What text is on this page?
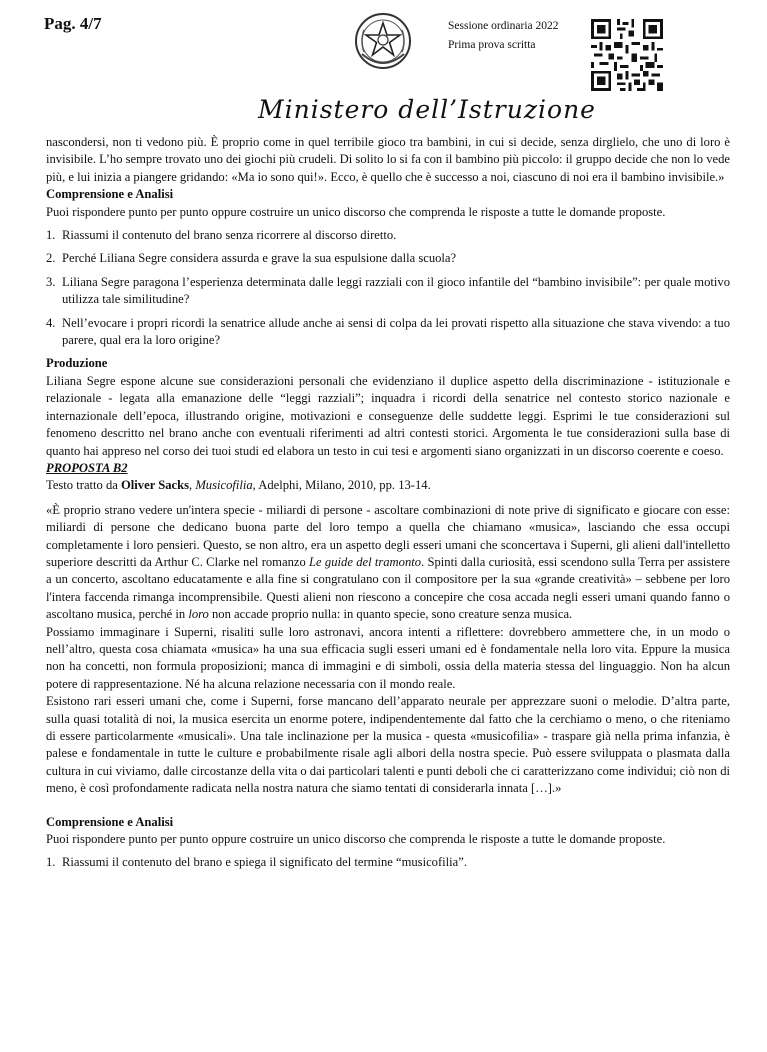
Pag. 4/7	Sessione ordinaria 2022
Prima prova scritta
Ministero dell’Istruzione

nascondersi, non ti vedono più. È proprio come in quel terribile gioco tra bambini, in cui si decide, senza dirglielo, che uno di loro è invisibile. L’ho sempre trovato uno dei giochi più crudeli. Di solito lo si fa con il bambino più piccolo: il gruppo decide che non lo vede più, e lui inizia a piangere gridando: «Ma io sono qui!». Ecco, è quello che è successo a noi, ciascuno di noi era il bambino invisibile.»

Comprensione e Analisi

Puoi rispondere punto per punto oppure costruire un unico discorso che comprenda le risposte a tutte le domande proposte.

1. Riassumi il contenuto del brano senza ricorrere al discorso diretto.
2. Perché Liliana Segre considera assurda e grave la sua espulsione dalla scuola?
3. Liliana Segre paragona l’esperienza determinata dalle leggi razziali con il gioco infantile del “bambino invisibile”: per quale motivo utilizza tale similitudine?
4. Nell’evocare i propri ricordi la senatrice allude anche ai sensi di colpa da lei provati rispetto alla situazione che stava vivendo: a tuo parere, qual era la loro origine?

Produzione

Liliana Segre espone alcune sue considerazioni personali che evidenziano il duplice aspetto della discriminazione - istituzionale e relazionale - legata alla emanazione delle “leggi razziali”; inquadra i ricordi della senatrice nel contesto storico nazionale e internazionale dell’epoca, illustrando origine, motivazioni e conseguenze delle suddette leggi. Esprimi le tue considerazioni sul fenomeno descritto nel brano anche con eventuali riferimenti ad altri contesti storici. Argomenta le tue considerazioni sulla base di quanto hai appreso nel corso dei tuoi studi ed elabora un testo in cui tesi e argomenti siano organizzati in un discorso coerente e coeso.

PROPOSTA B2

Testo tratto da Oliver Sacks, Musicofilia, Adelphi, Milano, 2010, pp. 13-14.

«È proprio strano vedere un'intera specie - miliardi di persone - ascoltare combinazioni di note prive di significato e giocare con esse: miliardi di persone che dedicano buona parte del loro tempo a quella che chiamano «musica», lasciando che essa occupi completamente i loro pensieri. Questo, se non altro, era un aspetto degli esseri umani che sconcertava i Superni, gli alieni dall'intelletto superiore descritti da Arthur C. Clarke nel romanzo Le guide del tramonto. Spinti dalla curiosità, essi scendono sulla Terra per assistere a un concerto, ascoltano educatamente e alla fine si congratulano con il compositore per la sua «grande creatività» – sebbene per loro l'intera faccenda rimanga incomprensibile. Questi alieni non riescono a concepire che cosa accada negli esseri umani quando fanno o ascoltano musica, perché in loro non accade proprio nulla: in quanto specie, sono creature senza musica.

Possiamo immaginare i Superni, risaliti sulle loro astronavi, ancora intenti a riflettere: dovrebbero ammettere che, in un modo o nell’altro, questa cosa chiamata «musica» ha una sua efficacia sugli esseri umani ed è fondamentale nella loro vita. Eppure la musica non ha concetti, non formula proposizioni; manca di immagini e di simboli, ossia della materia stessa del linguaggio. Non ha alcun potere di rappresentazione. Né ha alcuna relazione necessaria con il mondo reale.

Esistono rari esseri umani che, come i Superni, forse mancano dell’apparato neurale per apprezzare suoni o melodie. D’altra parte, sulla quasi totalità di noi, la musica esercita un enorme potere, indipendentemente dal fatto che la cerchiamo o meno, o che riteniamo di essere particolarmente «musicali». Una tale inclinazione per la musica - questa «musicofilia» - traspare già nella prima infanzia, è palese e fondamentale in tutte le culture e probabilmente risale agli albori della nostra specie. Può essere sviluppata o plasmata dalla cultura in cui viviamo, dalle circostanze della vita o dai particolari talenti e punti deboli che ci caratterizzano come individui; ciò non di meno, è così profondamente radicata nella nostra natura che siamo tentati di considerarla innata […].»

Comprensione e Analisi

Puoi rispondere punto per punto oppure costruire un unico discorso che comprenda le risposte a tutte le domande proposte.

1. Riassumi il contenuto del brano e spiega il significato del termine “musicofilia”.
